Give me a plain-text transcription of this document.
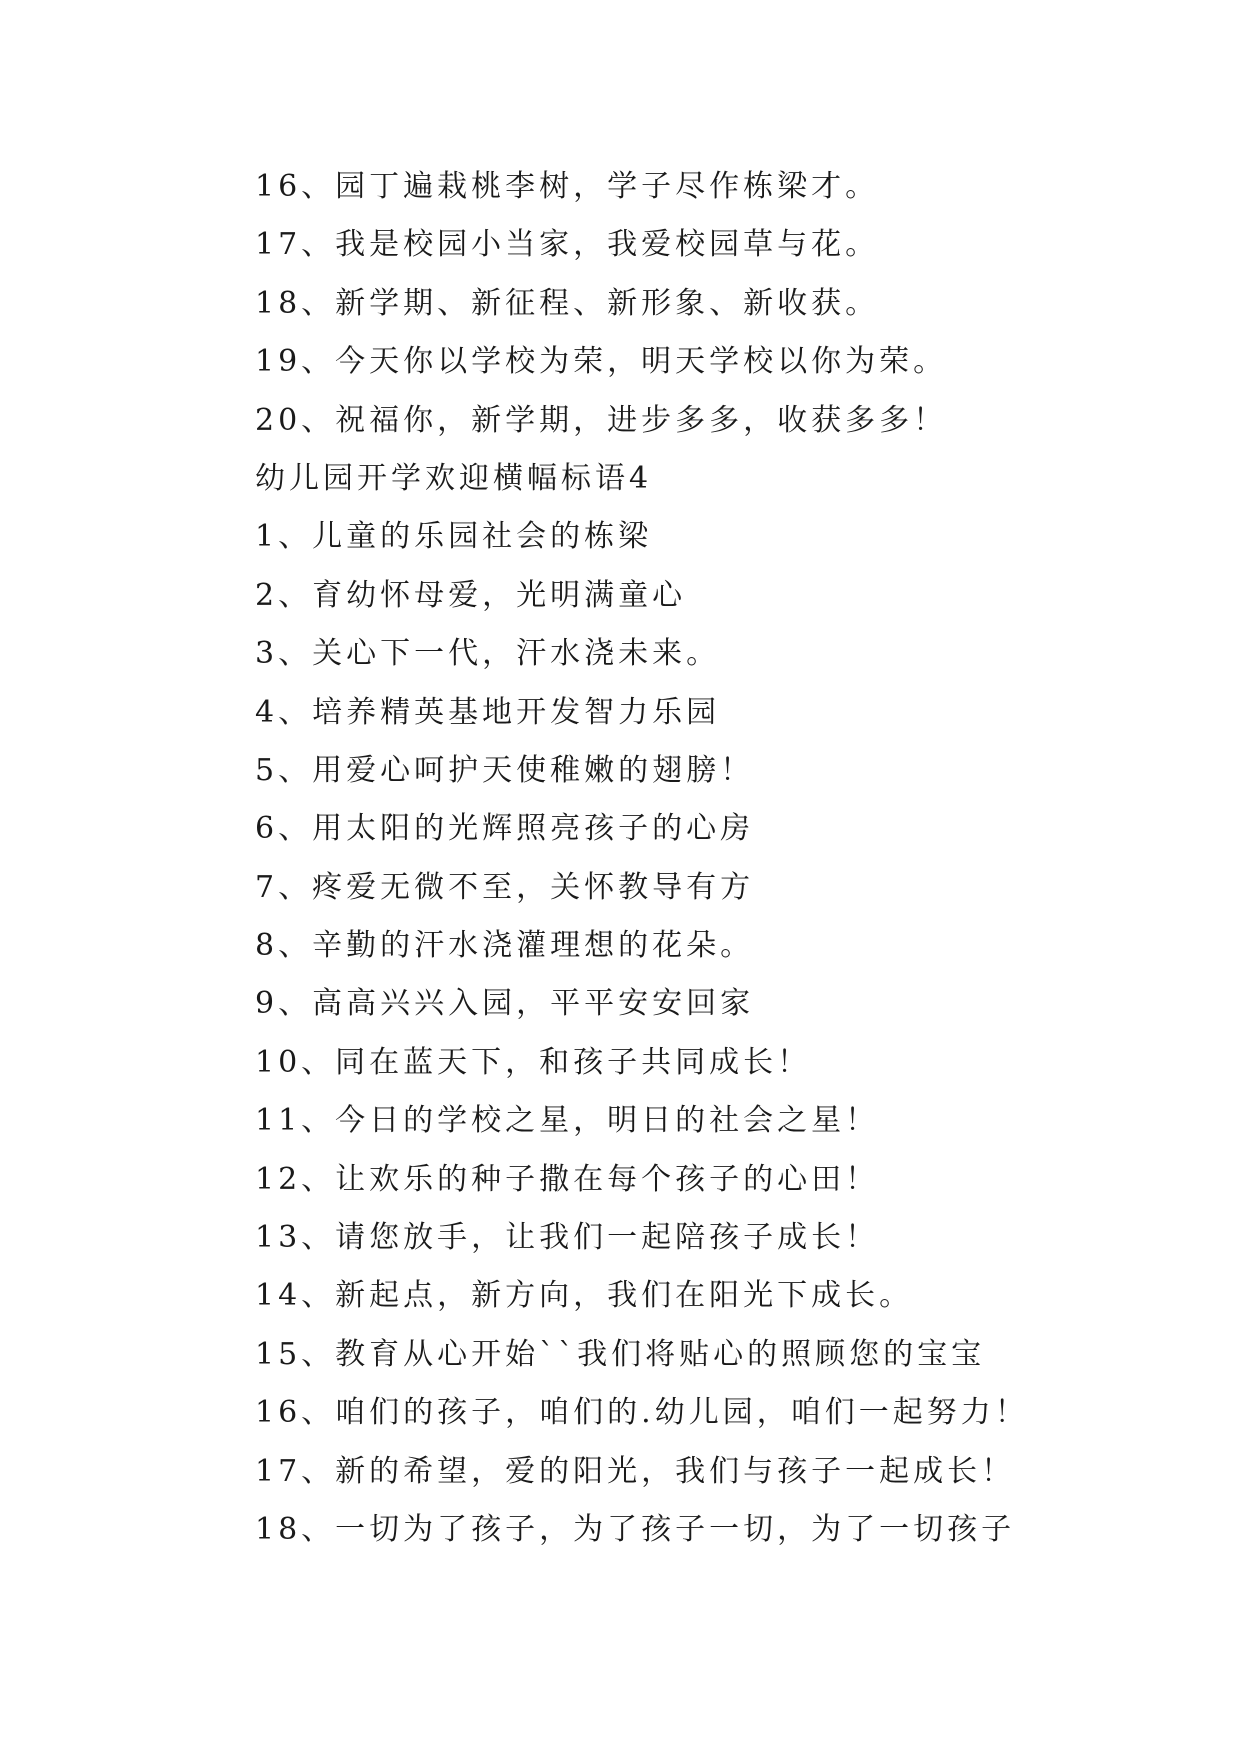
16、园丁遍栽桃李树，学子尽作栋梁才。
17、我是校园小当家，我爱校园草与花。
18、新学期、新征程、新形象、新收获。
19、今天你以学校为荣，明天学校以你为荣。
20、祝福你，新学期，进步多多，收获多多！
幼儿园开学欢迎横幅标语4
1、儿童的乐园社会的栋梁
2、育幼怀母爱，光明满童心
3、关心下一代，汗水浇未来。
4、培养精英基地开发智力乐园
5、用爱心呵护天使稚嫩的翅膀！
6、用太阳的光辉照亮孩子的心房
7、疼爱无微不至，关怀教导有方
8、辛勤的汗水浇灌理想的花朵。
9、高高兴兴入园，平平安安回家
10、同在蓝天下，和孩子共同成长！
11、今日的学校之星，明日的社会之星！
12、让欢乐的种子撒在每个孩子的心田！
13、请您放手，让我们一起陪孩子成长！
14、新起点，新方向，我们在阳光下成长。
15、教育从心开始``我们将贴心的照顾您的宝宝
16、咱们的孩子，咱们的.幼儿园，咱们一起努力！
17、新的希望，爱的阳光，我们与孩子一起成长！
18、一切为了孩子，为了孩子一切，为了一切孩子
